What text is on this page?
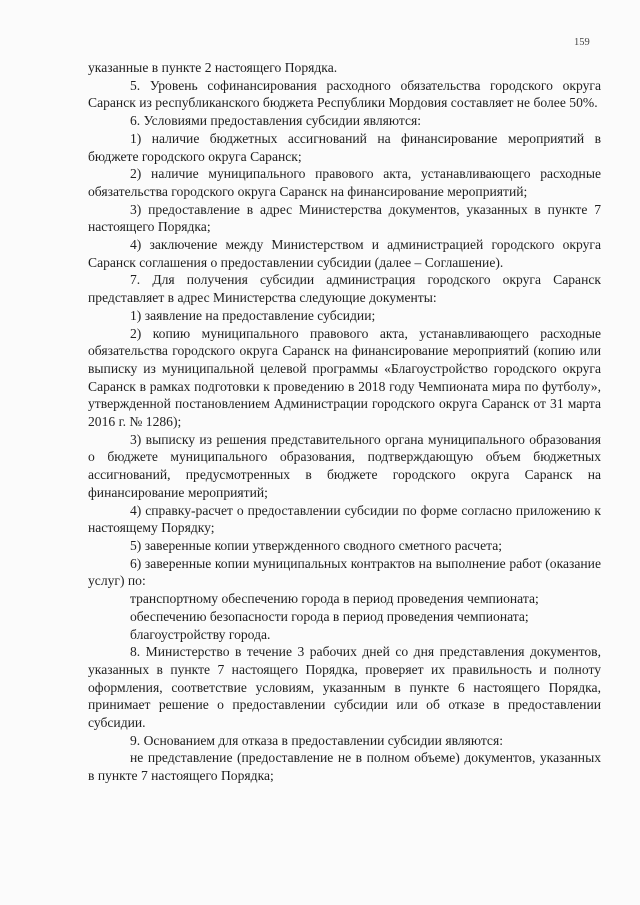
159

указанные в пункте 2 настоящего Порядка.

5. Уровень софинансирования расходного обязательства городского округа Саранск из республиканского бюджета Республики Мордовия составляет не более 50%.

6. Условиями предоставления субсидии являются:

1) наличие бюджетных ассигнований на финансирование мероприятий в бюджете городского округа Саранск;

2) наличие муниципального правового акта, устанавливающего расходные обязательства городского округа Саранск на финансирование мероприятий;

3) предоставление в адрес Министерства документов, указанных в пункте 7 настоящего Порядка;

4) заключение между Министерством и администрацией городского округа Саранск соглашения о предоставлении субсидии (далее – Соглашение).

7. Для получения субсидии администрация городского округа Саранск представляет в адрес Министерства следующие документы:

1) заявление на предоставление субсидии;

2) копию муниципального правового акта, устанавливающего расходные обязательства городского округа Саранск на финансирование мероприятий (копию или выписку из муниципальной целевой программы «Благоустройство городского округа Саранск в рамках подготовки к проведению в 2018 году Чемпионата мира по футболу», утвержденной постановлением Администрации городского округа Саранск от 31 марта 2016 г. № 1286);

3) выписку из решения представительного органа муниципального образования о бюджете муниципального образования, подтверждающую объем бюджетных ассигнований, предусмотренных в бюджете городского округа Саранск на финансирование мероприятий;

4) справку-расчет о предоставлении субсидии по форме согласно приложению к настоящему Порядку;

5) заверенные копии утвержденного сводного сметного расчета;

6) заверенные копии муниципальных контрактов на выполнение работ (оказание услуг) по:

транспортному обеспечению города в период проведения чемпионата;

обеспечению безопасности города в период проведения чемпионата;

благоустройству города.

8. Министерство в течение 3 рабочих дней со дня представления документов, указанных в пункте 7 настоящего Порядка, проверяет их правильность и полноту оформления, соответствие условиям, указанным в пункте 6 настоящего Порядка, принимает решение о предоставлении субсидии или об отказе в предоставлении субсидии.

9. Основанием для отказа в предоставлении субсидии являются:

не представление (предоставление не в полном объеме) документов, указанных в пункте 7 настоящего Порядка;
